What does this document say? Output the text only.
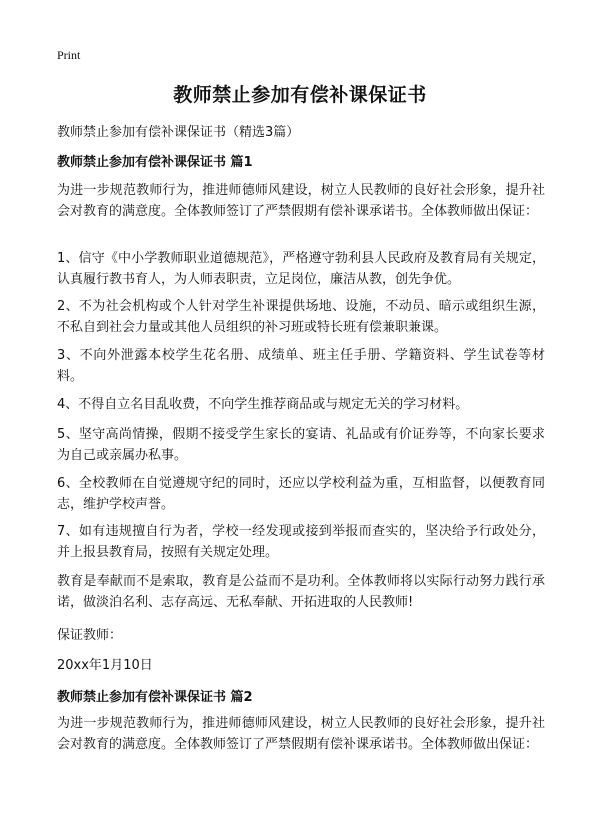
Print
教师禁止参加有偿补课保证书
教师禁止参加有偿补课保证书（精选3篇）
教师禁止参加有偿补课保证书 篇1

为进一步规范教师行为，推进师德师风建设，树立人民教师的良好社会形象，提升社会对教育的满意度。全体教师签订了严禁假期有偿补课承诺书。全体教师做出保证：

1、信守《中小学教师职业道德规范》，严格遵守勃利县人民政府及教育局有关规定，认真履行教书育人，为人师表职责，立足岗位，廉洁从教，创先争优。

2、不为社会机构或个人针对学生补课提供场地、设施，不动员、暗示或组织生源，不私自到社会力量或其他人员组织的补习班或特长班有偿兼职兼课。

3、不向外泄露本校学生花名册、成绩单、班主任手册、学籍资料、学生试卷等材料。

4、不得自立名目乱收费，不向学生推荐商品或与规定无关的学习材料。

5、坚守高尚情操，假期不接受学生家长的宴请、礼品或有价证券等，不向家长要求为自己或亲属办私事。

6、全校教师在自觉遵规守纪的同时，还应以学校利益为重，互相监督，以便教育同志，维护学校声誉。

7、如有违规擅自行为者，学校一经发现或接到举报而查实的，坚决给予行政处分，并上报县教育局，按照有关规定处理。

教育是奉献而不是索取，教育是公益而不是功利。全体教师将以实际行动努力践行承诺，做淡泊名利、志存高远、无私奉献、开拓进取的人民教师!

保证教师：
20xx年1月10日
教师禁止参加有偿补课保证书 篇2

为进一步规范教师行为，推进师德师风建设，树立人民教师的良好社会形象，提升社会对教育的满意度。全体教师签订了严禁假期有偿补课承诺书。全体教师做出保证：
